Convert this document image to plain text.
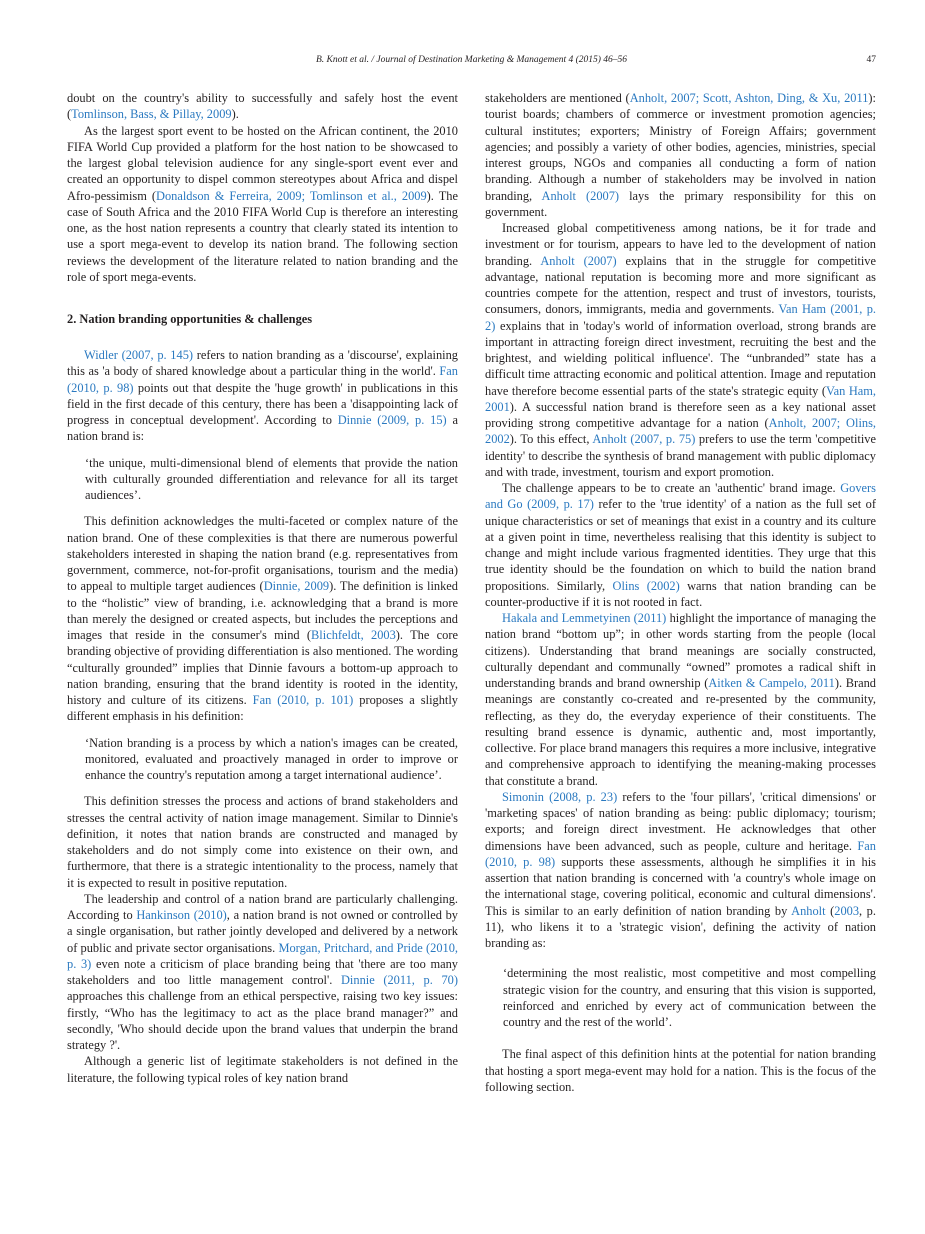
B. Knott et al. / Journal of Destination Marketing & Management 4 (2015) 46–56	47

doubt on the country's ability to successfully and safely host the event (Tomlinson, Bass, & Pillay, 2009).

As the largest sport event to be hosted on the African continent, the 2010 FIFA World Cup provided a platform for the host nation to be showcased to the largest global television audience for any single-sport event ever and created an opportunity to dispel common stereotypes about Africa and dispel Afro-pessimism (Donaldson & Ferreira, 2009; Tomlinson et al., 2009). The case of South Africa and the 2010 FIFA World Cup is therefore an interesting one, as the host nation represents a country that clearly stated its intention to use a sport mega-event to develop its nation brand. The following section reviews the development of the literature related to nation branding and the role of sport mega-events.

2. Nation branding opportunities & challenges

Widler (2007, p. 145) refers to nation branding as a 'discourse', explaining this as 'a body of shared knowledge about a particular thing in the world'. Fan (2010, p. 98) points out that despite the 'huge growth' in publications in this field in the first decade of this century, there has been a 'disappointing lack of progress in conceptual development'. According to Dinnie (2009, p. 15) a nation brand is:

‘the unique, multi-dimensional blend of elements that provide the nation with culturally grounded differentiation and relevance for all its target audiences’.

This definition acknowledges the multi-faceted or complex nature of the nation brand. One of these complexities is that there are numerous powerful stakeholders interested in shaping the nation brand (e.g. representatives from government, commerce, not-for-profit organisations, tourism and the media) to appeal to multiple target audiences (Dinnie, 2009). The definition is linked to the “holistic” view of branding, i.e. acknowledging that a brand is more than merely the designed or created aspects, but includes the perceptions and images that reside in the consumer's mind (Blichfeldt, 2003). The core branding objective of providing differentiation is also mentioned. The wording “culturally grounded” implies that Dinnie favours a bottom-up approach to nation branding, ensuring that the brand identity is rooted in the identity, history and culture of its citizens. Fan (2010, p. 101) proposes a slightly different emphasis in his definition:

‘Nation branding is a process by which a nation's images can be created, monitored, evaluated and proactively managed in order to improve or enhance the country's reputation among a target international audience’.

This definition stresses the process and actions of brand stakeholders and stresses the central activity of nation image management. Similar to Dinnie's definition, it notes that nation brands are constructed and managed by stakeholders and do not simply come into existence on their own, and furthermore, that there is a strategic intentionality to the process, namely that it is expected to result in positive reputation.

The leadership and control of a nation brand are particularly challenging. According to Hankinson (2010), a nation brand is not owned or controlled by a single organisation, but rather jointly developed and delivered by a network of public and private sector organisations. Morgan, Pritchard, and Pride (2010, p. 3) even note a criticism of place branding being that 'there are too many stakeholders and too little management control'. Dinnie (2011, p. 70) approaches this challenge from an ethical perspective, raising two key issues: firstly, “Who has the legitimacy to act as the place brand manager?” and secondly, 'Who should decide upon the brand values that underpin the brand strategy ?'.

Although a generic list of legitimate stakeholders is not defined in the literature, the following typical roles of key nation brand

stakeholders are mentioned (Anholt, 2007; Scott, Ashton, Ding, & Xu, 2011): tourist boards; chambers of commerce or investment promotion agencies; cultural institutes; exporters; Ministry of Foreign Affairs; government agencies; and possibly a variety of other bodies, agencies, ministries, special interest groups, NGOs and companies all conducting a form of nation branding. Although a number of stakeholders may be involved in nation branding, Anholt (2007) lays the primary responsibility for this on government.

Increased global competitiveness among nations, be it for trade and investment or for tourism, appears to have led to the development of nation branding. Anholt (2007) explains that in the struggle for competitive advantage, national reputation is becoming more and more significant as countries compete for the attention, respect and trust of investors, tourists, consumers, donors, immigrants, media and governments. Van Ham (2001, p. 2) explains that in 'today's world of information overload, strong brands are important in attracting foreign direct investment, recruiting the best and the brightest, and wielding political influence'. The “unbranded” state has a difficult time attracting economic and political attention. Image and reputation have therefore become essential parts of the state's strategic equity (Van Ham, 2001). A successful nation brand is therefore seen as a key national asset providing strong competitive advantage for a nation (Anholt, 2007; Olins, 2002). To this effect, Anholt (2007, p. 75) prefers to use the term 'competitive identity' to describe the synthesis of brand management with public diplomacy and with trade, investment, tourism and export promotion.

The challenge appears to be to create an 'authentic' brand image. Govers and Go (2009, p. 17) refer to the 'true identity' of a nation as the full set of unique characteristics or set of meanings that exist in a country and its culture at a given point in time, nevertheless realising that this identity is subject to change and might include various fragmented identities. They urge that this true identity should be the foundation on which to build the nation brand propositions. Similarly, Olins (2002) warns that nation branding can be counter-productive if it is not rooted in fact.

Hakala and Lemmetyinen (2011) highlight the importance of managing the nation brand “bottom up”; in other words starting from the people (local citizens). Understanding that brand meanings are socially constructed, culturally dependant and communally “owned” promotes a radical shift in understanding brands and brand ownership (Aitken & Campelo, 2011). Brand meanings are constantly co-created and re-presented by the community, reflecting, as they do, the everyday experience of their constituents. The resulting brand essence is dynamic, authentic and, most importantly, collective. For place brand managers this requires a more inclusive, integrative and comprehensive approach to identifying the meaning-making processes that constitute a brand.

Simonin (2008, p. 23) refers to the 'four pillars', 'critical dimensions' or 'marketing spaces' of nation branding as being: public diplomacy; tourism; exports; and foreign direct investment. He acknowledges that other dimensions have been advanced, such as people, culture and heritage. Fan (2010, p. 98) supports these assessments, although he simplifies it in his assertion that nation branding is concerned with 'a country's whole image on the international stage, covering political, economic and cultural dimensions'. This is similar to an early definition of nation branding by Anholt (2003, p. 11), who likens it to a 'strategic vision', defining the activity of nation branding as:

‘determining the most realistic, most competitive and most compelling strategic vision for the country, and ensuring that this vision is supported, reinforced and enriched by every act of communication between the country and the rest of the world’.

The final aspect of this definition hints at the potential for nation branding that hosting a sport mega-event may hold for a nation. This is the focus of the following section.
